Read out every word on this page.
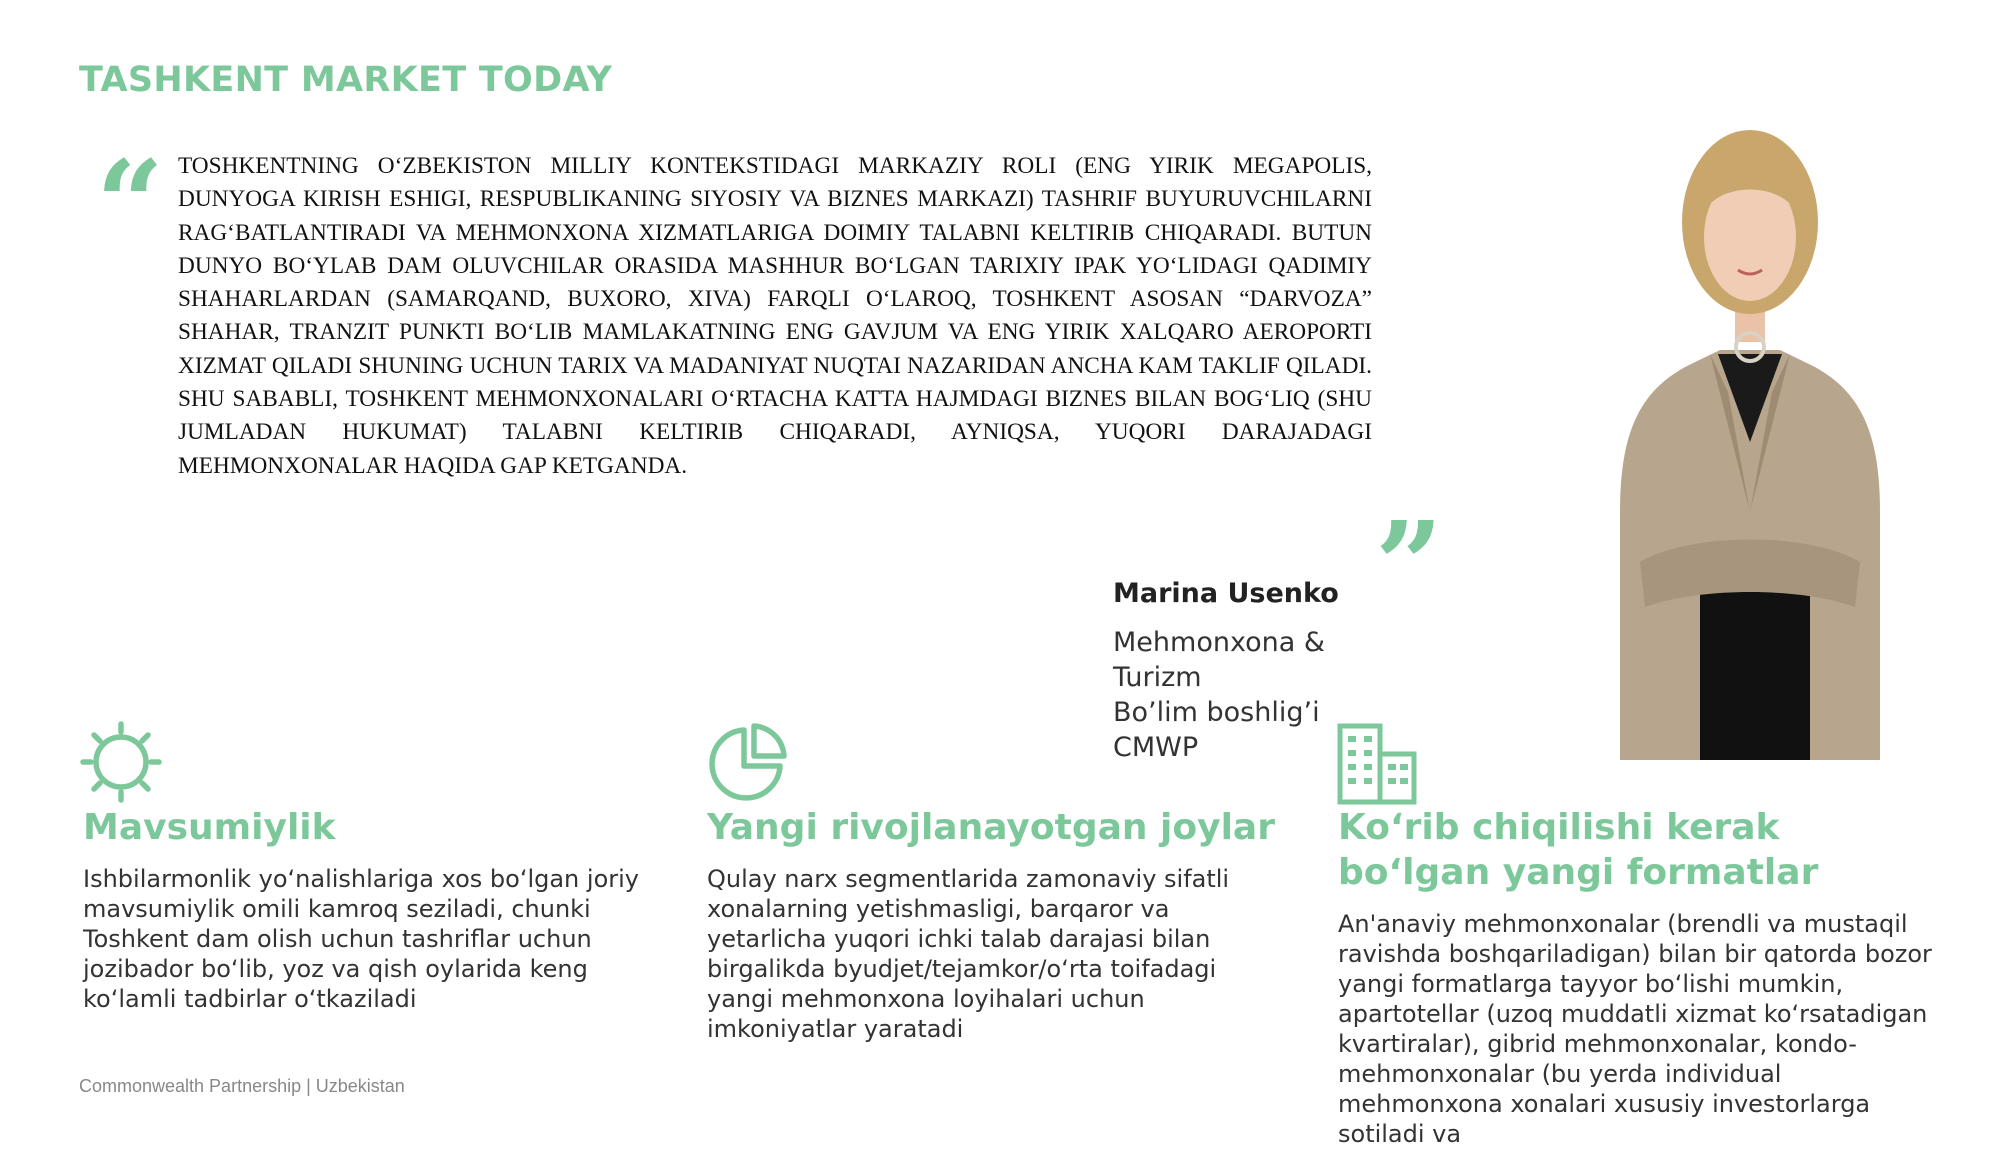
TASHKENT MARKET TODAY
“ TOSHKENTNING O‘ZBEKISTON MILLIY KONTEKSTIDAGI MARKAZIY ROLI (ENG YIRIK MEGAPOLIS, DUNYOGA KIRISH ESHIGI, RESPUBLIKANING SIYOSIY VA BIZNES MARKAZI) TASHRIF BUYURUVCHILARNI RAG‘BATLANTIRADI VA MEHMONXONA XIZMATLARIGA DOIMIY TALABNI KELTIRIB CHIQARADI. BUTUN DUNYO BO‘YLAB DAM OLUVCHILAR ORASIDA MASHHUR BO‘LGAN TARIXIY IPAK YO‘LIDAGI QADIMIY SHAHARLARDAN (SAMARQAND, BUXORO, XIVA) FARQLI O‘LAROQ, TOSHKENT ASOSAN “DARVOZA” SHAHAR, TRANZIT PUNKTI BO‘LIB MAMLAKATNING ENG GAVJUM VA ENG YIRIK XALQARO AEROPORTI XIZMAT QILADI SHUNING UCHUN TARIX VA MADANIYAT NUQTAI NAZARIDAN ANCHA KAM TAKLIF QILADI. SHU SABABLI, TOSHKENT MEHMONXONALARI O‘RTACHA KATTA HAJMDAGI BIZNES BILAN BOG‘LIQ (SHU JUMLADAN HUKUMAT) TALABNI KELTIRIB CHIQARADI, AYNIQSA, YUQORI DARAJADAGI MEHMONXONALAR HAQIDA GAP KETGANDA.

”
Marina Usenko
Mehmonxona &
Turizm
Bo’lim boshlig’i
CMWP
Mavsumiylik

Ishbilarmonlik yo‘nalishlariga xos bo‘lgan joriy mavsumiylik omili kamroq seziladi, chunki Toshkent dam olish uchun tashriflar uchun jozibador bo‘lib, yoz va qish oylarida keng ko‘lamli tadbirlar o‘tkaziladi

Yangi rivojlanayotgan joylar

Qulay narx segmentlarida zamonaviy sifatli xonalarning yetishmasligi, barqaror va yetarlicha yuqori ichki talab darajasi bilan birgalikda byudjet/tejamkor/o‘rta toifadagi yangi mehmonxona loyihalari uchun imkoniyatlar yaratadi

Ko‘rib chiqilishi kerak bo‘lgan yangi formatlar

An'anaviy mehmonxonalar (brendli va mustaqil ravishda boshqariladigan) bilan bir qatorda bozor yangi formatlarga tayyor bo‘lishi mumkin, apartotellar (uzoq muddatli xizmat ko‘rsatadigan kvartiralar), gibrid mehmonxonalar, kondo-mehmonxonalar (bu yerda individual mehmonxona xonalari xususiy investorlarga sotiladi va

Commonwealth Partnership | Uzbekistan
